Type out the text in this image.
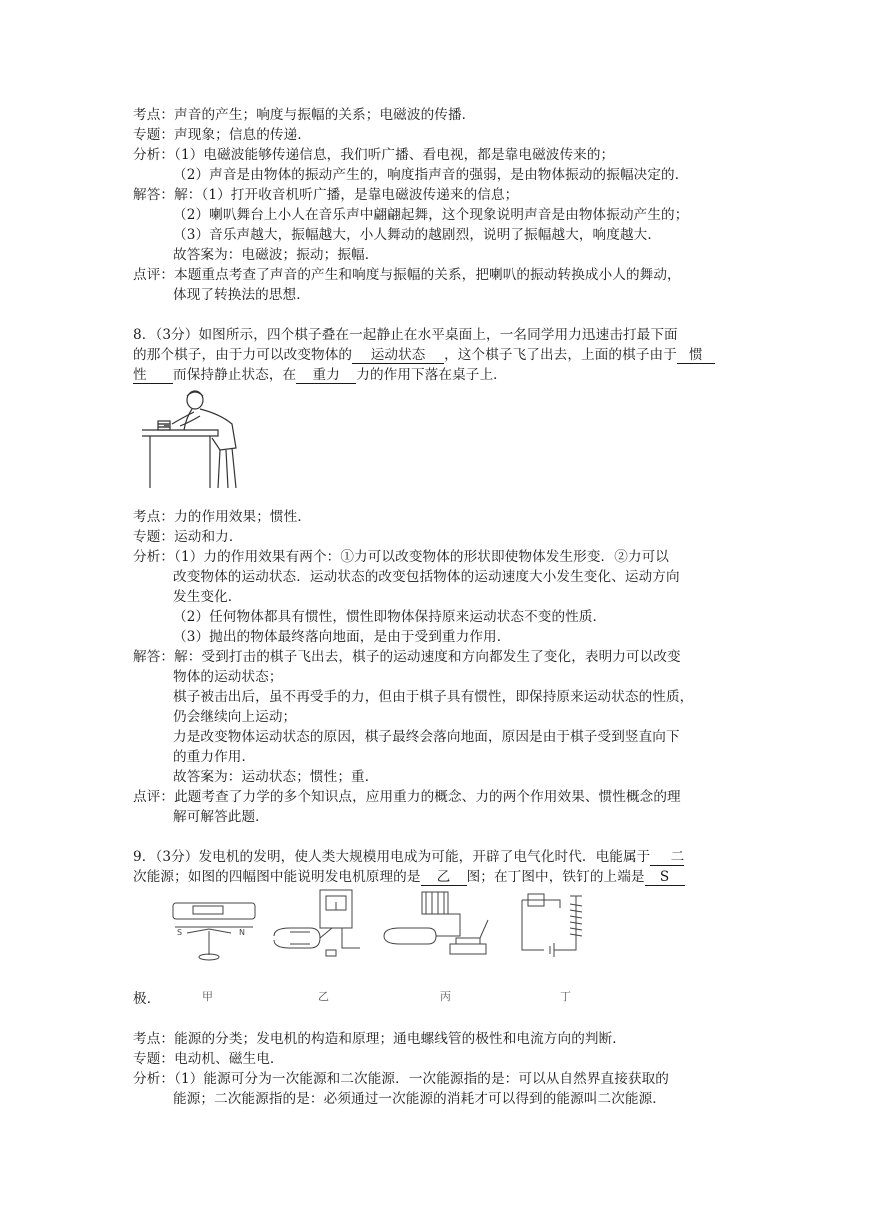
考点：声音的产生；响度与振幅的关系；电磁波的传播．
专题：声现象；信息的传递．
分析：（1）电磁波能够传递信息，我们听广播、看电视，都是靠电磁波传来的；
（2）声音是由物体的振动产生的，响度指声音的强弱，是由物体振动的振幅决定的．
解答：解：（1）打开收音机听广播，是靠电磁波传递来的信息；
（2）喇叭舞台上小人在音乐声中翩翩起舞，这个现象说明声音是由物体振动产生的；
（3）音乐声越大，振幅越大，小人舞动的越剧烈，说明了振幅越大，响度越大．
故答案为：电磁波；振动；振幅．
点评：本题重点考查了声音的产生和响度与振幅的关系，把喇叭的振动转换成小人的舞动，
体现了转换法的思想．
8．（3分）如图所示，四个棋子叠在一起静止在水平桌面上，一名同学用力迅速击打最下面
的那个棋子，由于力可以改变物体的 运动状态 ，这个棋子飞了出去，上面的棋子由于 惯
性 而保持静止状态，在 重力 力的作用下落在桌子上．
考点：力的作用效果；惯性．
专题：运动和力．
分析：（1）力的作用效果有两个：①力可以改变物体的形状即使物体发生形变．②力可以
改变物体的运动状态．运动状态的改变包括物体的运动速度大小发生变化、运动方向
发生变化．
（2）任何物体都具有惯性，惯性即物体保持原来运动状态不变的性质．
（3）抛出的物体最终落向地面，是由于受到重力作用．
解答：解：受到打击的棋子飞出去，棋子的运动速度和方向都发生了变化，表明力可以改变
物体的运动状态；
棋子被击出后，虽不再受手的力，但由于棋子具有惯性，即保持原来运动状态的性质，
仍会继续向上运动；
力是改变物体运动状态的原因，棋子最终会落向地面，原因是由于棋子受到竖直向下
的重力作用．
故答案为：运动状态；惯性；重．
点评：此题考查了力学的多个知识点，应用重力的概念、力的两个作用效果、惯性概念的理
解可解答此题．
9．（3分）发电机的发明，使人类大规模用电成为可能，开辟了电气化时代．电能属于 二
次能源；如图的四幅图中能说明发电机原理的是 乙 图；在丁图中，铁钉的上端是 S
S	N
极．	甲	乙	丙	丁
考点：能源的分类；发电机的构造和原理；通电螺线管的极性和电流方向的判断．
专题：电动机、磁生电．
分析：（1）能源可分为一次能源和二次能源．一次能源指的是：可以从自然界直接获取的
能源；二次能源指的是：必须通过一次能源的消耗才可以得到的能源叫二次能源．
